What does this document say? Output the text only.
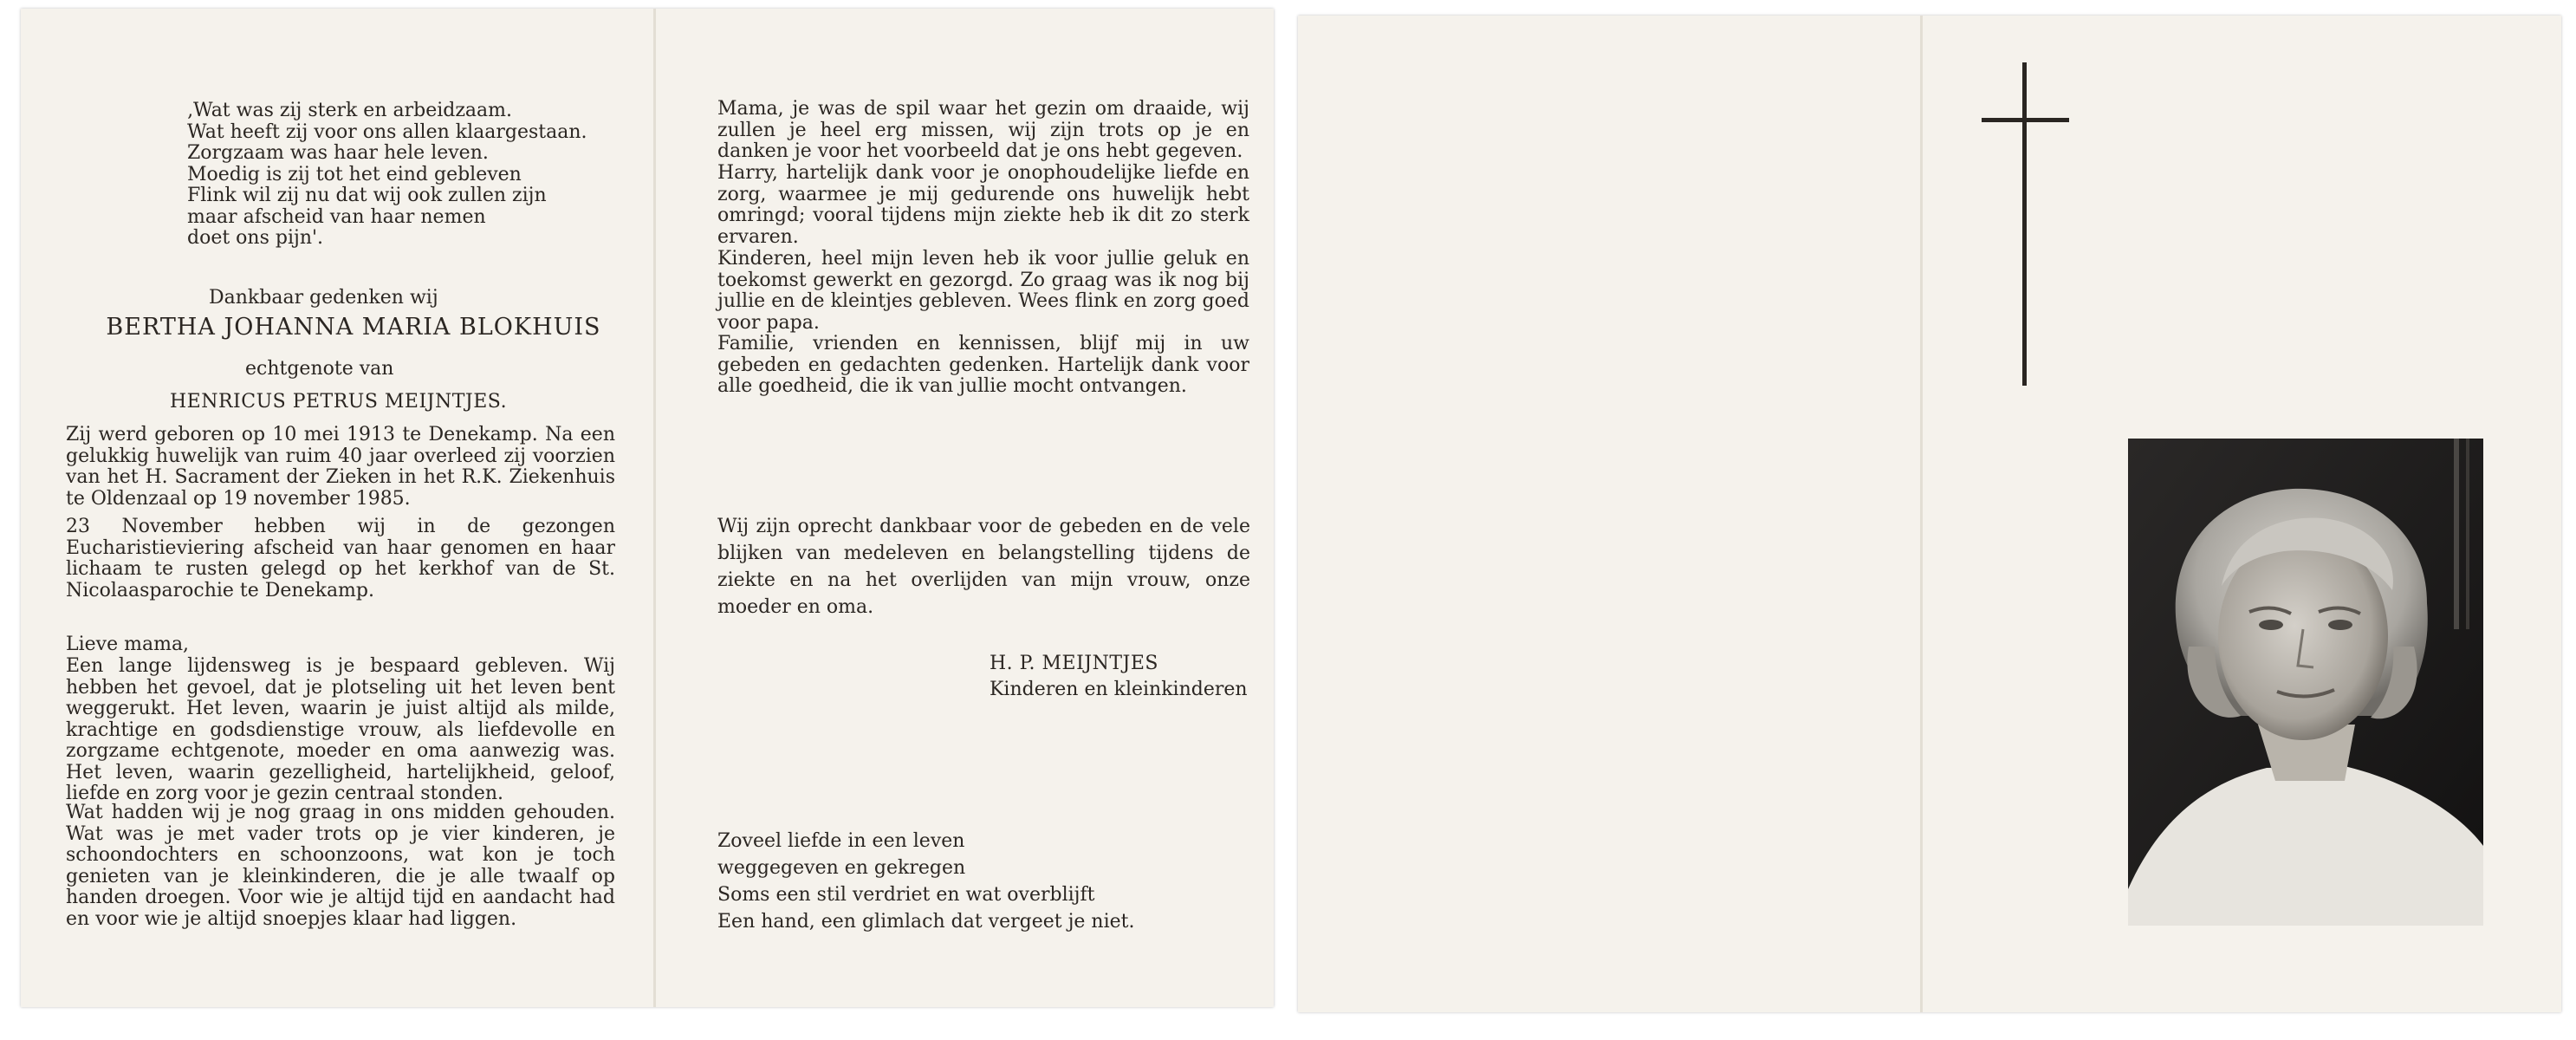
‚Wat was zij sterk en arbeidzaam.
Wat heeft zij voor ons allen klaargestaan.
Zorgzaam was haar hele leven.
Moedig is zij tot het eind gebleven
Flink wil zij nu dat wij ook zullen zijn
maar afscheid van haar nemen
doet ons pijn'.
Dankbaar gedenken wij
BERTHA JOHANNA MARIA BLOKHUIS
echtgenote van
HENRICUS PETRUS MEIJNTJES.
Zij werd geboren op 10 mei 1913 te Denekamp. Na een gelukkig huwelijk van ruim 40 jaar overleed zij voorzien van het H. Sacrament der Zieken in het R.K. Ziekenhuis te Oldenzaal op 19 november 1985.
23 November hebben wij in de gezongen Eucharistieviering afscheid van haar genomen en haar lichaam te rusten gelegd op het kerkhof van de St. Nicolaasparochie te Denekamp.
Lieve mama,
Een lange lijdensweg is je bespaard gebleven. Wij hebben het gevoel, dat je plotseling uit het leven bent weggerukt. Het leven, waarin je juist altijd als milde, krachtige en godsdienstige vrouw, als liefdevolle en zorgzame echtgenote, moeder en oma aanwezig was. Het leven, waarin gezelligheid, hartelijkheid, geloof, liefde en zorg voor je gezin centraal stonden.
Wat hadden wij je nog graag in ons midden gehouden. Wat was je met vader trots op je vier kinderen, je schoondochters en schoonzoons, wat kon je toch genieten van je kleinkinderen, die je alle twaalf op handen droegen. Voor wie je altijd tijd en aandacht had en voor wie je altijd snoepjes klaar had liggen.
Mama, je was de spil waar het gezin om draaide, wij zullen je heel erg missen, wij zijn trots op je en danken je voor het voorbeeld dat je ons hebt gegeven.
Harry, hartelijk dank voor je onophoudelijke liefde en zorg, waarmee je mij gedurende ons huwelijk hebt omringd; vooral tijdens mijn ziekte heb ik dit zo sterk ervaren.
Kinderen, heel mijn leven heb ik voor jullie geluk en toekomst gewerkt en gezorgd. Zo graag was ik nog bij jullie en de kleintjes gebleven. Wees flink en zorg goed voor papa.
Familie, vrienden en kennissen, blijf mij in uw gebeden en gedachten gedenken. Hartelijk dank voor alle goedheid, die ik van jullie mocht ontvangen.
Wij zijn oprecht dankbaar voor de gebeden en de vele blijken van medeleven en belangstelling tijdens de ziekte en na het overlijden van mijn vrouw, onze moeder en oma.
H. P. MEIJNTJES
Kinderen en kleinkinderen
Zoveel liefde in een leven
weggegeven en gekregen
Soms een stil verdriet en wat overblijft
Een hand, een glimlach dat vergeet je niet.
